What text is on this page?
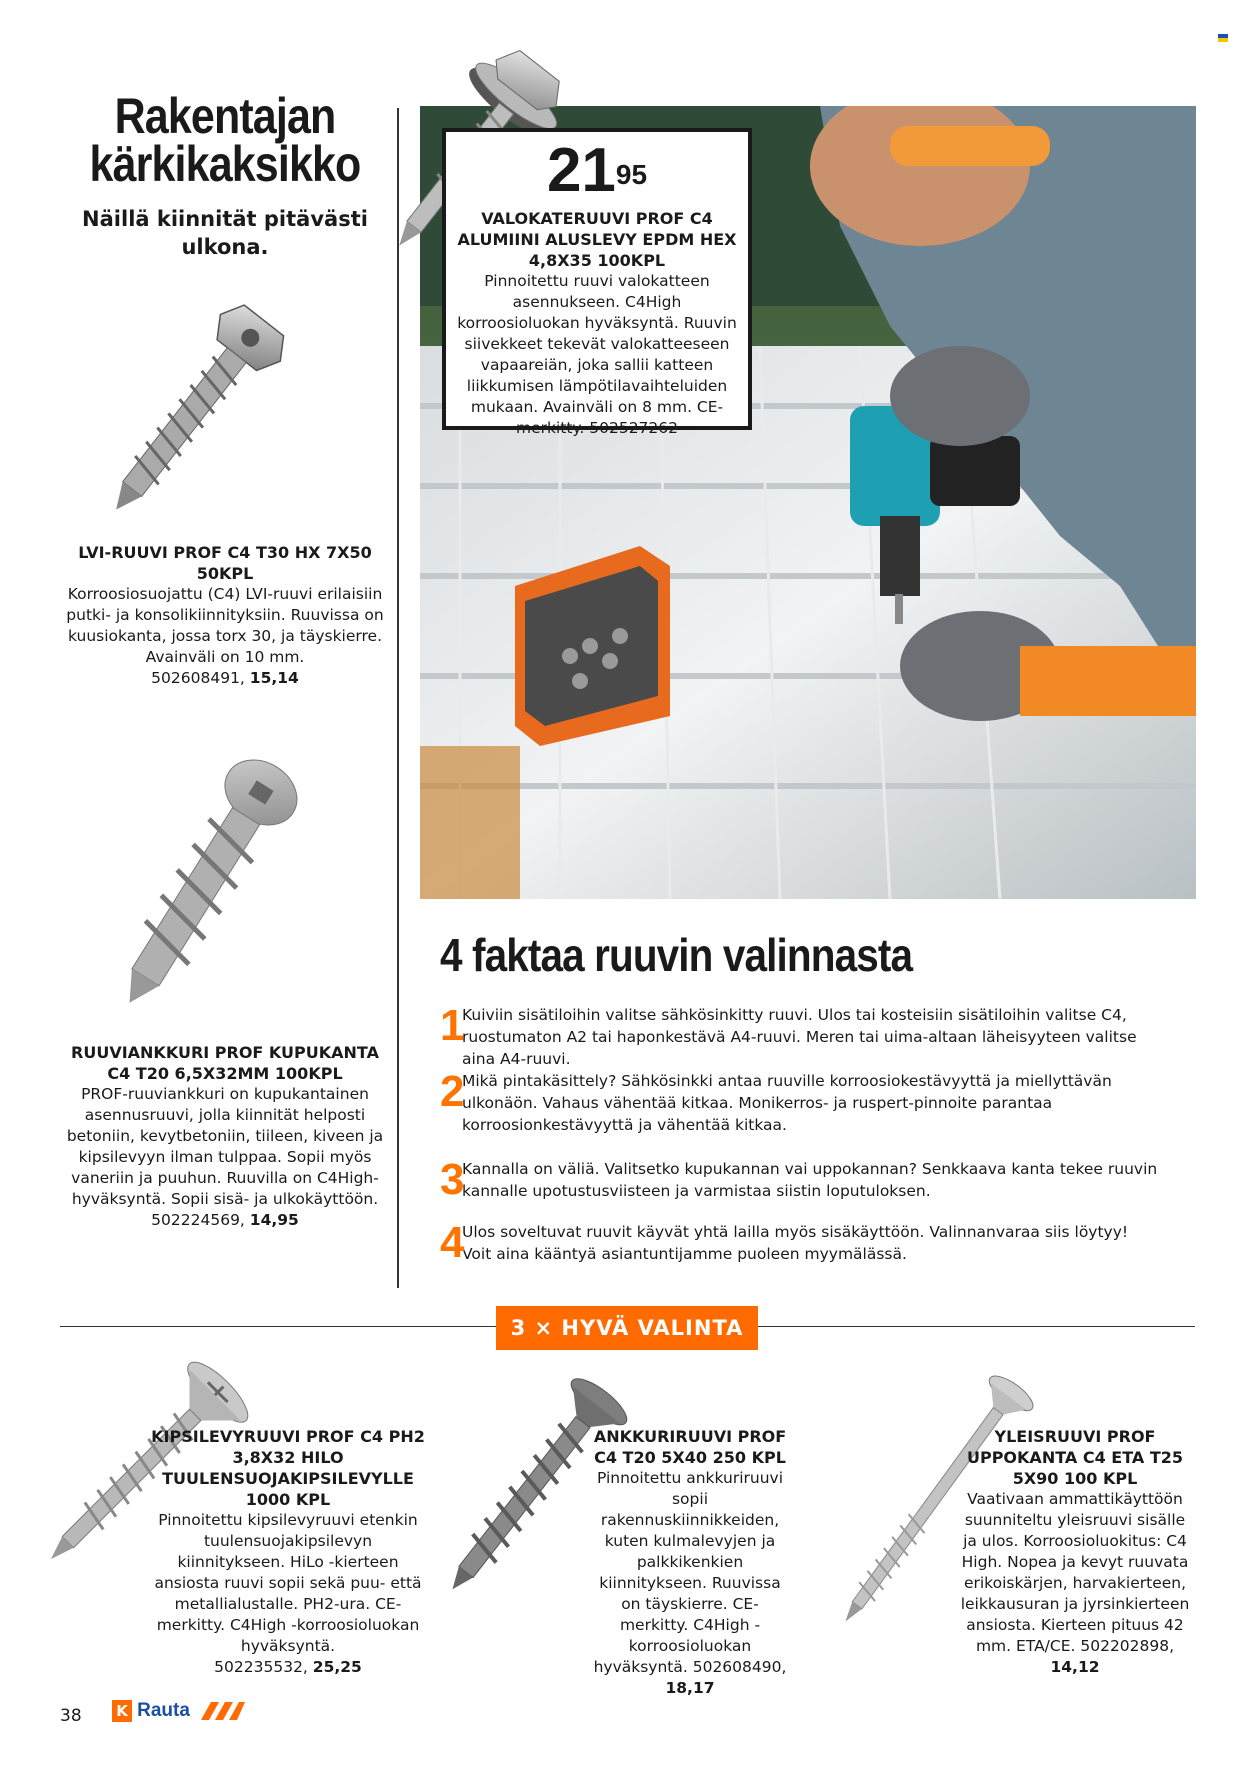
Rakentajan
kärkikaksikko
Näillä kiinnität pitävästi ulkona.
LVI-RUUVI PROF C4 T30 HX 7X50 50KPL
Korroosiosuojattu (C4) LVI-ruuvi erilaisiin putki- ja konsolikiinnityksiin. Ruuvissa on kuusiokanta, jossa torx 30, ja täyskierre. Avainväli on 10 mm.
502608491, 15,14
RUUVIANKKURI PROF KUPUKANTA C4 T20 6,5X32MM 100KPL
PROF-ruuviankkuri on kupukantainen asennusruuvi, jolla kiinnität helposti betoniin, kevytbetoniin, tiileen, kiveen ja kipsilevyyn ilman tulppaa. Sopii myös vaneriin ja puuhun. Ruuvilla on C4High-hyväksyntä. Sopii sisä- ja ulkokäyttöön.
502224569, 14,95
$21^{95}$
VALOKATERUUVI PROF C4 ALUMIINI ALUSLEVY EPDM HEX 4,8X35 100KPL
Pinnoitettu ruuvi valokatteen asennukseen. C4High korroosioluokan hyväksyntä. Ruuvin siivekkeet tekevät valokatteeseen vapaareiän, joka sallii katteen liikkumisen lämpötilavaihteluiden mukaan. Avainväli on 8 mm. CE-merkitty. 502527262
4 faktaa ruuvin valinnasta
1
Kuiviin sisätiloihin valitse sähkösinkitty ruuvi. Ulos tai kosteisiin sisätiloihin valitse C4, ruostumaton A2 tai haponkestävä A4-ruuvi. Meren tai uima-altaan läheisyyteen valitse aina A4-ruuvi.
2
Mikä pintakäsittely? Sähkösinkki antaa ruuville korroosiokestävyyttä ja miellyttävän ulkonäön. Vahaus vähentää kitkaa. Monikerros- ja ruspert-pinnoite parantaa korroosionkestävyyttä ja vähentää kitkaa.
3
Kannalla on väliä. Valitsetko kupukannan vai uppokannan? Senkkaava kanta tekee ruuvin kannalle upotustusviisteen ja varmistaa siistin loputuloksen.
4
Ulos soveltuvat ruuvit käyvät yhtä lailla myös sisäkäyttöön. Valinnanvaraa siis löytyy! Voit aina kääntyä asiantuntijamme puoleen myymälässä.
3 × HYVÄ VALINTA
KIPSILEVYRUUVI PROF C4 PH2 3,8X32 HILO TUULENSUOJAKIPSILEVYLLE 1000 KPL
Pinnoitettu kipsilevyruuvi etenkin tuulensuojakipsilevyn kiinnitykseen. HiLo -kierteen ansiosta ruuvi sopii sekä puu- että metallialustalle. PH2-ura. CE-merkitty. C4High -korroosioluokan hyväksyntä.
502235532, 25,25
ANKKURIRUUVI PROF C4 T20 5X40 250 KPL
Pinnoitettu ankkuriruuvi sopii rakennuskiinnikkeiden, kuten kulmalevyjen ja palkkikenkien kiinnitykseen. Ruuvissa on täyskierre. CE-merkitty. C4High -korroosioluokan hyväksyntä. 502608490,
18,17
YLEISRUUVI PROF UPPOKANTA C4 ETA T25 5X90 100 KPL
Vaativaan ammattikäyttöön suunniteltu yleisruuvi sisälle ja ulos. Korroosioluokitus: C4 High. Nopea ja kevyt ruuvata erikoiskärjen, harvakierteen, leikkausuran ja jyrsinkierteen ansiosta. Kierteen pituus 42 mm. ETA/CE. 502202898,
14,12
38 K Rauta
